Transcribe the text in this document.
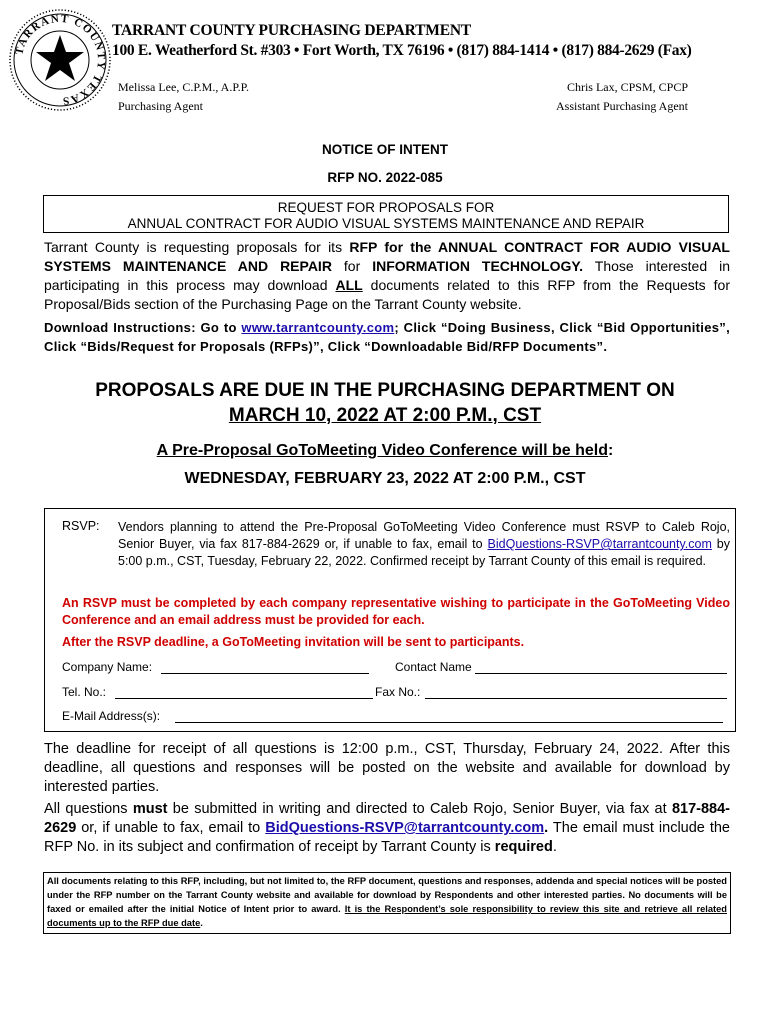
TARRANT COUNTY TEXAS
TARRANT COUNTY PURCHASING DEPARTMENT
100 E. Weatherford St. #303 • Fort Worth, TX 76196 • (817) 884-1414 • (817) 884-2629 (Fax)
Melissa Lee, C.P.M., A.P.P.
Purchasing Agent
Chris Lax, CPSM, CPCP
Assistant Purchasing Agent
NOTICE OF INTENT
RFP NO. 2022-085
REQUEST FOR PROPOSALS FOR
ANNUAL CONTRACT FOR AUDIO VISUAL SYSTEMS MAINTENANCE AND REPAIR
Tarrant County is requesting proposals for its RFP for the ANNUAL CONTRACT FOR AUDIO VISUAL SYSTEMS MAINTENANCE AND REPAIR for INFORMATION TECHNOLOGY. Those interested in participating in this process may download ALL documents related to this RFP from the Requests for Proposal/Bids section of the Purchasing Page on the Tarrant County website.
Download Instructions: Go to www.tarrantcounty.com; Click “Doing Business, Click “Bid Opportunities”, Click “Bids/Request for Proposals (RFPs)”, Click “Downloadable Bid/RFP Documents”.
PROPOSALS ARE DUE IN THE PURCHASING DEPARTMENT ON
MARCH 10, 2022 AT 2:00 P.M., CST
A Pre-Proposal GoToMeeting Video Conference will be held:
WEDNESDAY, FEBRUARY 23, 2022 AT 2:00 P.M., CST
RSVP: Vendors planning to attend the Pre-Proposal GoToMeeting Video Conference must RSVP to Caleb Rojo, Senior Buyer, via fax 817-884-2629 or, if unable to fax, email to BidQuestions-RSVP@tarrantcounty.com by 5:00 p.m., CST, Tuesday, February 22, 2022. Confirmed receipt by Tarrant County of this email is required.
An RSVP must be completed by each company representative wishing to participate in the GoToMeeting Video Conference and an email address must be provided for each.
After the RSVP deadline, a GoToMeeting invitation will be sent to participants.
Company Name:	Contact Name
Tel. No.:	Fax No.:
E-Mail Address(s):
The deadline for receipt of all questions is 12:00 p.m., CST, Thursday, February 24, 2022. After this deadline, all questions and responses will be posted on the website and available for download by interested parties.
All questions must be submitted in writing and directed to Caleb Rojo, Senior Buyer, via fax at 817-884-2629 or, if unable to fax, email to BidQuestions-RSVP@tarrantcounty.com. The email must include the RFP No. in its subject and confirmation of receipt by Tarrant County is required.
All documents relating to this RFP, including, but not limited to, the RFP document, questions and responses, addenda and special notices will be posted under the RFP number on the Tarrant County website and available for download by Respondents and other interested parties. No documents will be faxed or emailed after the initial Notice of Intent prior to award. It is the Respondent’s sole responsibility to review this site and retrieve all related documents up to the RFP due date.
